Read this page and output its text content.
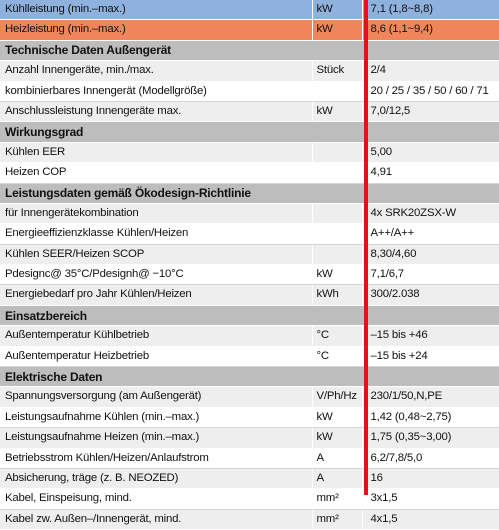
Kühlleistung (min.–max.)	kW	7,1 (1,8~8,8)
Heizleistung (min.–max.)	kW	8,6 (1,1~9,4)
Technische Daten Außengerät		
Anzahl Innengeräte, min./max.	Stück	2/4
kombinierbares Innengerät (Modellgröße)		20 / 25 / 35 / 50 / 60 / 71
Anschlussleistung Innengeräte max.	kW	7,0/12,5
Wirkungsgrad		
Kühlen EER		5,00
Heizen COP		4,91
Leistungsdaten gemäß Ökodesign-Richtlinie		
für Innengerätekombination		4x SRK20ZSX-W
Energieeffizienzklasse Kühlen/Heizen		A++/A++
Kühlen SEER/Heizen SCOP		8,30/4,60
Pdesignc@ 35°C/Pdesignh@ −10°C	kW	7,1/6,7
Energiebedarf pro Jahr Kühlen/Heizen	kWh	300/2.038
Einsatzbereich		
Außentemperatur Kühlbetrieb	°C	–15 bis +46
Außentemperatur Heizbetrieb	°C	–15 bis +24
Elektrische Daten		
Spannungsversorgung (am Außengerät)	V/Ph/Hz	230/1/50,N,PE
Leistungsaufnahme Kühlen (min.–max.)	kW	1,42 (0,48~2,75)
Leistungsaufnahme Heizen (min.–max.)	kW	1,75 (0,35~3,00)
Betriebsstrom Kühlen/Heizen/Anlaufstrom	A	6,2/7,8/5,0
Absicherung, träge (z. B. NEOZED)	A	16
Kabel, Einspeisung, mind.	mm²	3x1,5
Kabel zw. Außen–/Innengerät, mind.	mm²	4x1,5
